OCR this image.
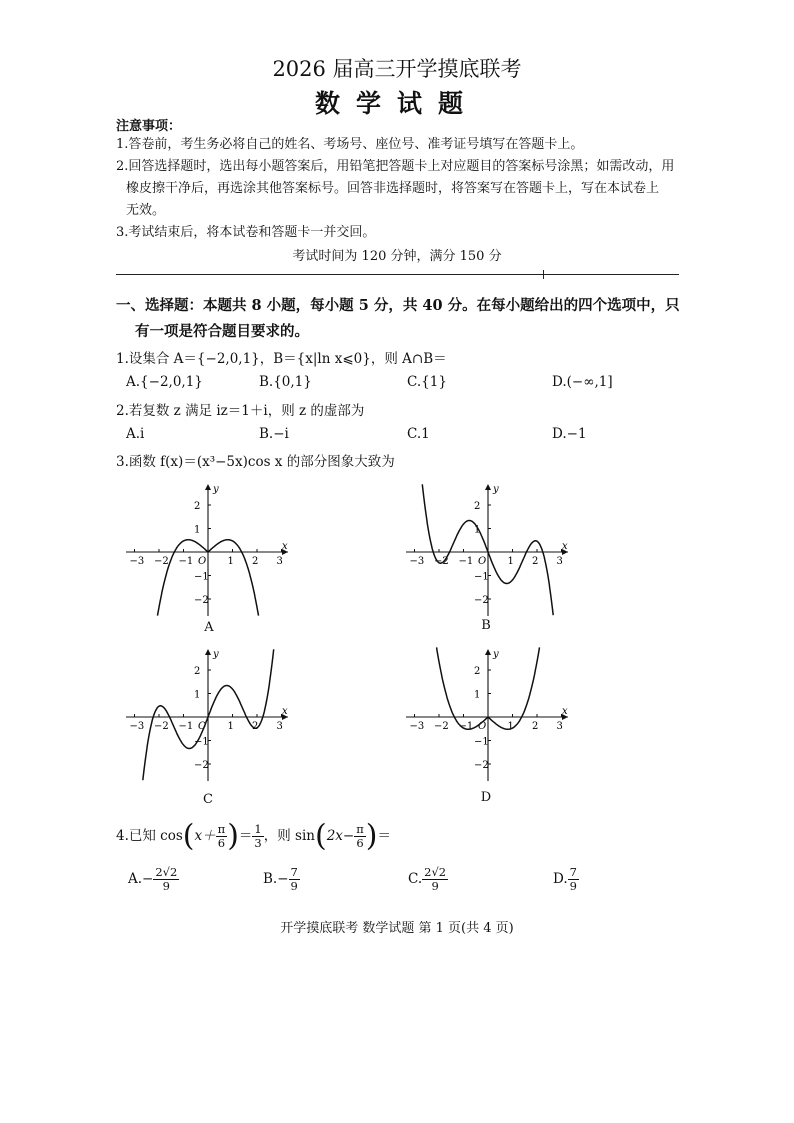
2026 届高三开学摸底联考
数学试题
注意事项：
1.答卷前，考生务必将自己的姓名、考场号、座位号、准考证号填写在答题卡上。
2.回答选择题时，选出每小题答案后，用铅笔把答题卡上对应题目的答案标号涂黑；如需改动，用
橡皮擦干净后，再选涂其他答案标号。回答非选择题时，将答案写在答题卡上，写在本试卷上
无效。
3.考试结束后，将本试卷和答题卡一并交回。
考试时间为 120 分钟，满分 150 分
一、选择题：本题共 8 小题，每小题 5 分，共 40 分。在每小题给出的四个选项中，只
有一项是符合题目要求的。
1.设集合 A＝{−2,0,1}，B＝{x|ln x⩽0}，则 A∩B＝
A.{−2,0,1}	B.{0,1}	C.{1}	D.(−∞,1]
2.若复数 z 满足 iz＝1＋i，则 z 的虚部为
A.i	B.−i	C.1	D.−1
3.函数 f(x)＝(x³−5x)cos x 的部分图象大致为
x
y
O
−3 −2 −1	1 2 3
2
1
−1
−2
x
y
O
−3 −2 −1	1 2 3
2
1
−1
−2
x
y
O
−3 −2 −1	1 2 3
2
1
−1
−2
x
y
O
−3 −2 −1	1 2 3
2
1
−1
−2
A	B
C	D
4.已知 $\cos(x+ \frac{\pi}{6}$ )＝ $\frac{1}{3}$ ，则 $\sin(2x- \frac{\pi}{6}$ )＝
$A.- \frac{2√2}{9}$	$B.- \frac{7}{9}$	C. $\frac{2√2}{9}$	D. $\frac{7}{9}$
开学摸底联考 数学试题 第 1 页(共 4 页)
